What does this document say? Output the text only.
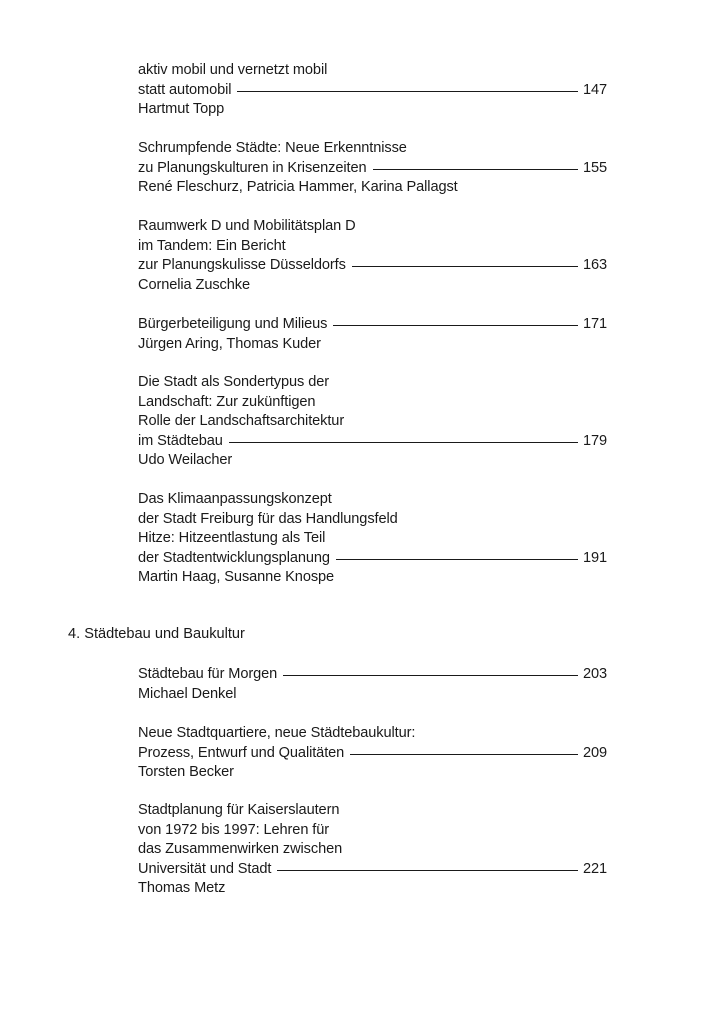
4. Städtebau und Baukultur
aktiv mobil und vernetzt mobil
statt automobil	147
Hartmut Topp
Schrumpfende Städte: Neue Erkenntnisse
zu Planungskulturen in Krisenzeiten	155
René Fleschurz, Patricia Hammer, Karina Pallagst
Raumwerk D und Mobilitätsplan D
im Tandem: Ein Bericht
zur Planungskulisse Düsseldorfs	163
Cornelia Zuschke
Bürgerbeteiligung und Milieus	171
Jürgen Aring, Thomas Kuder
Die Stadt als Sondertypus der
Landschaft: Zur zukünftigen
Rolle der Landschaftsarchitektur
im Städtebau	179
Udo Weilacher
Das Klimaanpassungskonzept
der Stadt Freiburg für das Handlungsfeld
Hitze: Hitzeentlastung als Teil
der Stadtentwicklungsplanung	191
Martin Haag, Susanne Knospe
Städtebau für Morgen	203
Michael Denkel
Neue Stadtquartiere, neue Städtebaukultur:
Prozess, Entwurf und Qualitäten	209
Torsten Becker
Stadtplanung für Kaiserslautern
von 1972 bis 1997: Lehren für
das Zusammenwirken zwischen
Universität und Stadt	221
Thomas Metz
